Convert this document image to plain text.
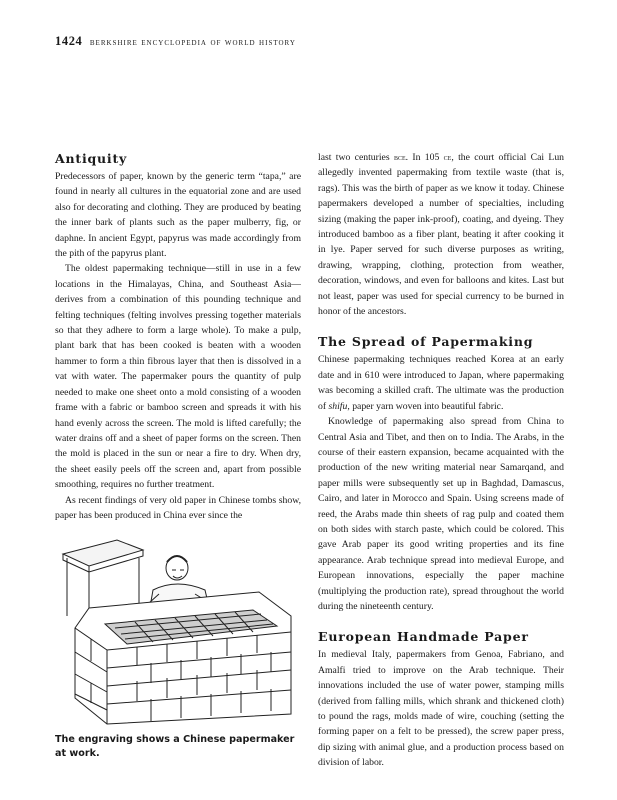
1424 berkshire encyclopedia of world history
Antiquity

Predecessors of paper, known by the generic term “tapa,” are found in nearly all cultures in the equatorial zone and are used also for decorating and clothing. They are produced by beating the inner bark of plants such as the paper mulberry, fig, or daphne. In ancient Egypt, papyrus was made accordingly from the pith of the papyrus plant.

The oldest papermaking technique—still in use in a few locations in the Himalayas, China, and Southeast Asia—derives from a combination of this pounding technique and felting techniques (felting involves pressing together materials so that they adhere to form a large whole). To make a pulp, plant bark that has been cooked is beaten with a wooden hammer to form a thin fibrous layer that then is dissolved in a vat with water. The papermaker pours the quantity of pulp needed to make one sheet onto a mold consisting of a wooden frame with a fabric or bamboo screen and spreads it with his hand evenly across the screen. The mold is lifted carefully; the water drains off and a sheet of paper forms on the screen. Then the mold is placed in the sun or near a fire to dry. When dry, the sheet easily peels off the screen and, apart from possible smoothing, requires no further treatment.

As recent findings of very old paper in Chinese tombs show, paper has been produced in China ever since the

The engraving shows a Chinese papermaker at work.

last two centuries bce. In 105 ce, the court official Cai Lun allegedly invented papermaking from textile waste (that is, rags). This was the birth of paper as we know it today. Chinese papermakers developed a number of specialties, including sizing (making the paper ink-proof), coating, and dyeing. They introduced bamboo as a fiber plant, beating it after cooking it in lye. Paper served for such diverse purposes as writing, drawing, wrapping, clothing, protection from weather, decoration, windows, and even for balloons and kites. Last but not least, paper was used for special currency to be burned in honor of the ancestors.

The Spread of Papermaking

Chinese papermaking techniques reached Korea at an early date and in 610 were introduced to Japan, where papermaking was becoming a skilled craft. The ultimate was the production of shifu, paper yarn woven into beautiful fabric.

Knowledge of papermaking also spread from China to Central Asia and Tibet, and then on to India. The Arabs, in the course of their eastern expansion, became acquainted with the production of the new writing material near Samarqand, and paper mills were subsequently set up in Baghdad, Damascus, Cairo, and later in Morocco and Spain. Using screens made of reed, the Arabs made thin sheets of rag pulp and coated them on both sides with starch paste, which could be colored. This gave Arab paper its good writing properties and its fine appearance. Arab technique spread into medieval Europe, and European innovations, especially the paper machine (multiplying the production rate), spread throughout the world during the nineteenth century.

European Handmade Paper

In medieval Italy, papermakers from Genoa, Fabriano, and Amalfi tried to improve on the Arab technique. Their innovations included the use of water power, stamping mills (derived from falling mills, which shrank and thickened cloth) to pound the rags, molds made of wire, couching (setting the forming paper on a felt to be pressed), the screw paper press, dip sizing with animal glue, and a production process based on division of labor.
